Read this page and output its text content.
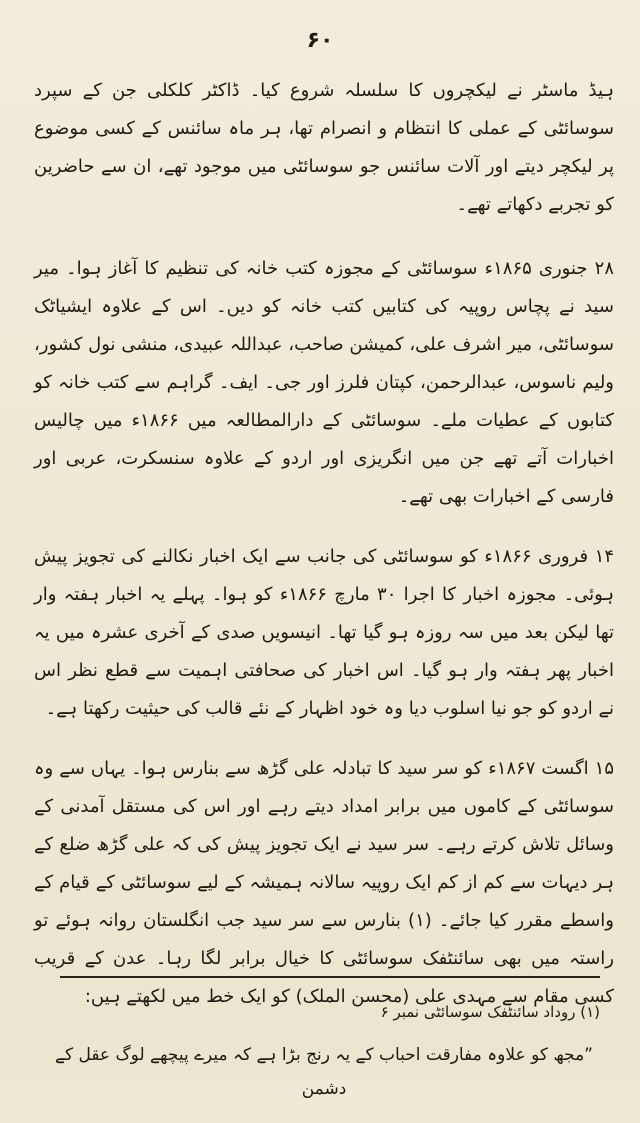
۶۰

ہیڈ ماسٹر نے لیکچروں کا سلسلہ شروع کیا۔ ڈاکٹر کلکلی جن کے سپرد سوسائٹی کے عملی کا انتظام و انصرام تھا، ہر ماہ سائنس کے کسی موضوع پر لیکچر دیتے اور آلات سائنس جو سوسائٹی میں موجود تھے، ان سے حاضرین کو تجربے دکھاتے تھے۔

۲۸ جنوری ۱۸۶۵ء سوسائٹی کے مجوزہ کتب خانہ کی تنظیم کا آغاز ہوا۔ میر سید نے پچاس روپیہ کی کتابیں کتب خانہ کو دیں۔ اس کے علاوہ ایشیاٹک سوسائٹی، میر اشرف علی، کمیشن صاحب، عبداللہ عبیدی، منشی نول کشور، ولیم ناسوس، عبدالرحمن، کپتان فلرز اور جی۔ ایف۔ گراہم سے کتب خانہ کو کتابوں کے عطیات ملے۔ سوسائٹی کے دارالمطالعہ میں ۱۸۶۶ء میں چالیس اخبارات آتے تھے جن میں انگریزی اور اردو کے علاوہ سنسکرت، عربی اور فارسی کے اخبارات بھی تھے۔

۱۴ فروری ۱۸۶۶ء کو سوسائٹی کی جانب سے ایک اخبار نکالنے کی تجویز پیش ہوئی۔ مجوزہ اخبار کا اجرا ۳۰ مارچ ۱۸۶۶ء کو ہوا۔ پہلے یہ اخبار ہفتہ وار تھا لیکن بعد میں سہ روزہ ہو گیا تھا۔ انیسویں صدی کے آخری عشرہ میں یہ اخبار پھر ہفتہ وار ہو گیا۔ اس اخبار کی صحافتی اہمیت سے قطع نظر اس نے اردو کو جو نیا اسلوب دیا وہ خود اظہار کے نئے قالب کی حیثیت رکھتا ہے۔

۱۵ اگست ۱۸۶۷ء کو سر سید کا تبادلہ علی گڑھ سے بنارس ہوا۔ یہاں سے وہ سوسائٹی کے کاموں میں برابر امداد دیتے رہے اور اس کی مستقل آمدنی کے وسائل تلاش کرتے رہے۔ سر سید نے ایک تجویز پیش کی کہ علی گڑھ ضلع کے ہر دیہات سے کم از کم ایک روپیہ سالانہ ہمیشہ کے لیے سوسائٹی کے قیام کے واسطے مقرر کیا جائے۔ (۱) بنارس سے سر سید جب انگلستان روانہ ہوئے تو راستہ میں بھی سائنٹفک سوسائٹی کا خیال برابر لگا رہا۔ عدن کے قریب کسی مقام سے مہدی علی (محسن الملک) کو ایک خط میں لکھتے ہیں:

”مجھ کو علاوہ مفارقت احباب کے یہ رنج بڑا ہے کہ میرے پیچھے لوگ عقل کے دشمن

(۱) روداد سائنٹفک سوسائٹی نمبر ۶
